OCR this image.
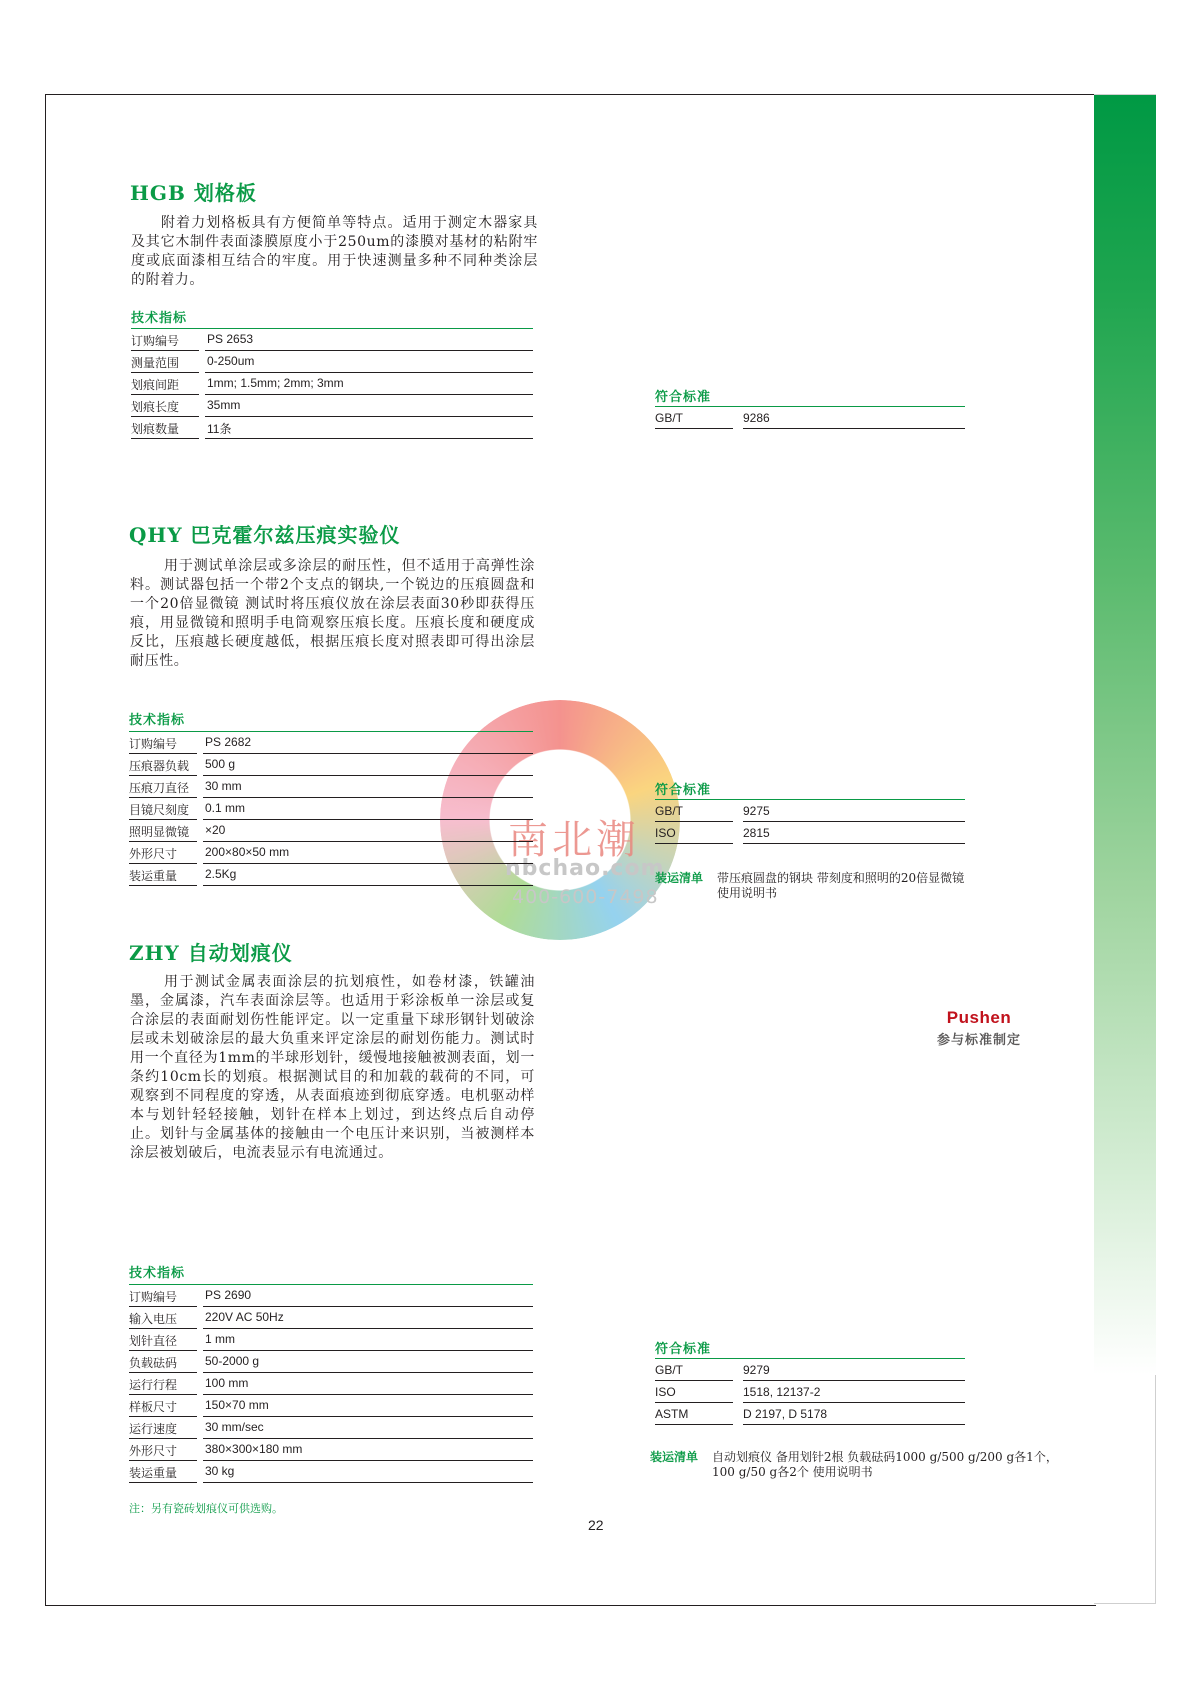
南北潮
nbchao.com
400-600-7498
HGB 划格板

附着力划格板具有方便简单等特点。适用于测定木器家具及其它木制件表面漆膜原度小于250um的漆膜对基材的粘附牢度或底面漆相互结合的牢度。用于快速测量多种不同种类涂层的附着力。

技术指标
订购编号	PS 2653
测量范围	0-250um
划痕间距	1mm; 1.5mm; 2mm; 3mm
划痕长度	35mm
划痕数量	11条
符合标准
GB/T	9286
QHY 巴克霍尔兹压痕实验仪

用于测试单涂层或多涂层的耐压性，但不适用于高弹性涂料。测试器包括一个带2个支点的钢块,一个锐边的压痕圆盘和一个20倍显微镜 测试时将压痕仪放在涂层表面30秒即获得压痕，用显微镜和照明手电筒观察压痕长度。压痕长度和硬度成反比，压痕越长硬度越低，根据压痕长度对照表即可得出涂层耐压性。

技术指标
订购编号	PS 2682
压痕器负载	500 g
压痕刀直径	30 mm
目镜尺刻度	0.1 mm
照明显微镜	×20
外形尺寸	200×80×50 mm
装运重量	2.5Kg
符合标准
GB/T	9275
ISO	2815
装运清单	带压痕圆盘的钢块 带刻度和照明的20倍显微镜
使用说明书
ZHY 自动划痕仪

用于测试金属表面涂层的抗划痕性，如卷材漆，铁罐油墨，金属漆，汽车表面涂层等。也适用于彩涂板单一涂层或复合涂层的表面耐划伤性能评定。以一定重量下球形钢针划破涂层或未划破涂层的最大负重来评定涂层的耐划伤能力。测试时用一个直径为1mm的半球形划针，缓慢地接触被测表面，划一条约10cm长的划痕。根据测试目的和加载的载荷的不同，可观察到不同程度的穿透，从表面痕迹到彻底穿透。电机驱动样本与划针轻轻接触，划针在样本上划过，到达终点后自动停止。划针与金属基体的接触由一个电压计来识别，当被测样本涂层被划破后，电流表显示有电流通过。

技术指标
订购编号	PS 2690
输入电压	220V AC 50Hz
划针直径	1 mm
负载砝码	50-2000 g
运行行程	100 mm
样板尺寸	150×70 mm
运行速度	30 mm/sec
外形尺寸	380×300×180 mm
装运重量	30 kg
注：另有瓷砖划痕仪可供选购。
符合标准
GB/T	9279
ISO	1518, 12137-2
ASTM	D 2197, D 5178
装运清单	自动划痕仪 备用划针2根 负载砝码1000 g/500 g/200 g各1个，
100 g/50 g各2个 使用说明书
Pushen
参与标准制定
22
